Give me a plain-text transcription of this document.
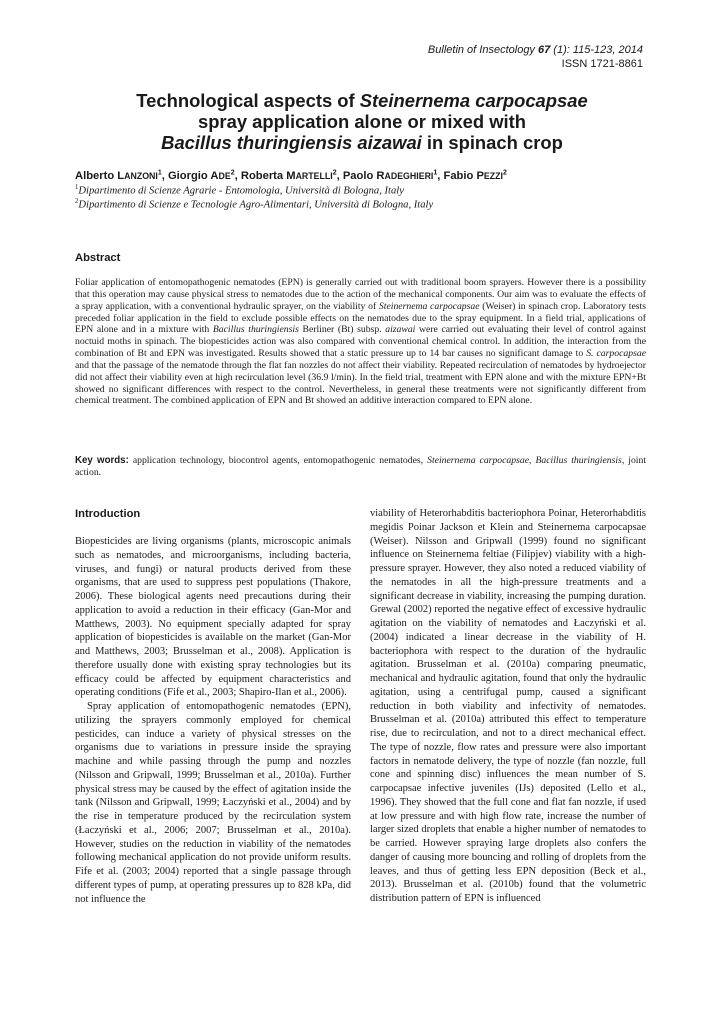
Bulletin of Insectology 67 (1): 115-123, 2014
ISSN 1721-8861
Technological aspects of Steinernema carpocapsae
spray application alone or mixed with
Bacillus thuringiensis aizawai in spinach crop
Alberto LANZONI$^1$, Giorgio ADE$^2$, Roberta MARTELLI$^2$, Paolo RADEGHIERI$^1$, Fabio PEZZI$^2$
$^1$Dipartimento di Scienze Agrarie - Entomologia, Università di Bologna, Italy
$^2$Dipartimento di Scienze e Tecnologie Agro-Alimentari, Università di Bologna, Italy
Abstract
Foliar application of entomopathogenic nematodes (EPN) is generally carried out with traditional boom sprayers. However there is a possibility that this operation may cause physical stress to nematodes due to the action of the mechanical components. Our aim was to evaluate the effects of a spray application, with a conventional hydraulic sprayer, on the viability of Steinernema carpocapsae (Weiser) in spinach crop. Laboratory tests preceded foliar application in the field to exclude possible effects on the nematodes due to the spray equipment. In a field trial, applications of EPN alone and in a mixture with Bacillus thuringiensis Berliner (Bt) subsp. aizawai were carried out evaluating their level of control against noctuid moths in spinach. The biopesticides action was also compared with conventional chemical control. In addition, the interaction from the combination of Bt and EPN was investigated. Results showed that a static pressure up to 14 bar causes no significant damage to S. carpocapsae and that the passage of the nematode through the flat fan nozzles do not affect their viability. Repeated recirculation of nematodes by hydroejector did not affect their viability even at high recirculation level (36.9 l/min). In the field trial, treatment with EPN alone and with the mixture EPN+Bt showed no significant differences with respect to the control. Nevertheless, in general these treatments were not significantly different from chemical treatment. The combined application of EPN and Bt showed an additive interaction compared to EPN alone.
Key words: application technology, biocontrol agents, entomopathogenic nematodes, Steinernema carpocapsae, Bacillus thuringiensis, joint action.
Introduction

Biopesticides are living organisms (plants, microscopic animals such as nematodes, and microorganisms, including bacteria, viruses, and fungi) or natural products derived from these organisms, that are used to suppress pest populations (Thakore, 2006). These biological agents need precautions during their application to avoid a reduction in their efficacy (Gan-Mor and Matthews, 2003). No equipment specially adapted for spray application of biopesticides is available on the market (Gan-Mor and Matthews, 2003; Brusselman et al., 2008). Application is therefore usually done with existing spray technologies but its efficacy could be affected by equipment characteristics and operating conditions (Fife et al., 2003; Shapiro-Ilan et al., 2006).

Spray application of entomopathogenic nematodes (EPN), utilizing the sprayers commonly employed for chemical pesticides, can induce a variety of physical stresses on the organisms due to variations in pressure inside the spraying machine and while passing through the pump and nozzles (Nilsson and Gripwall, 1999; Brusselman et al., 2010a). Further physical stress may be caused by the effect of agitation inside the tank (Nilsson and Gripwall, 1999; Łaczyński et al., 2004) and by the rise in temperature produced by the recirculation system (Łaczyński et al., 2006; 2007; Brusselman et al., 2010a). However, studies on the reduction in viability of the nematodes following mechanical application do not provide uniform results. Fife et al. (2003; 2004) reported that a single passage through different types of pump, at operating pressures up to 828 kPa, did not influence the

viability of Heterorhabditis bacteriophora Poinar, Heterorhabditis megidis Poinar Jackson et Klein and Steinernema carpocapsae (Weiser). Nilsson and Gripwall (1999) found no significant influence on Steinernema feltiae (Filipjev) viability with a high-pressure sprayer. However, they also noted a reduced viability of the nematodes in all the high-pressure treatments and a significant decrease in viability, increasing the pumping duration. Grewal (2002) reported the negative effect of excessive hydraulic agitation on the viability of nematodes and Łaczyński et al. (2004) indicated a linear decrease in the viability of H. bacteriophora with respect to the duration of the hydraulic agitation. Brusselman et al. (2010a) comparing pneumatic, mechanical and hydraulic agitation, found that only the hydraulic agitation, using a centrifugal pump, caused a significant reduction in both viability and infectivity of nematodes. Brusselman et al. (2010a) attributed this effect to temperature rise, due to recirculation, and not to a direct mechanical effect. The type of nozzle, flow rates and pressure were also important factors in nematode delivery, the type of nozzle (fan nozzle, full cone and spinning disc) influences the mean number of S. carpocapsae infective juveniles (IJs) deposited (Lello et al., 1996). They showed that the full cone and flat fan nozzle, if used at low pressure and with high flow rate, increase the number of larger sized droplets that enable a higher number of nematodes to be carried. However spraying large droplets also confers the danger of causing more bouncing and rolling of droplets from the leaves, and thus of getting less EPN deposition (Beck et al., 2013). Brusselman et al. (2010b) found that the volumetric distribution pattern of EPN is influenced
